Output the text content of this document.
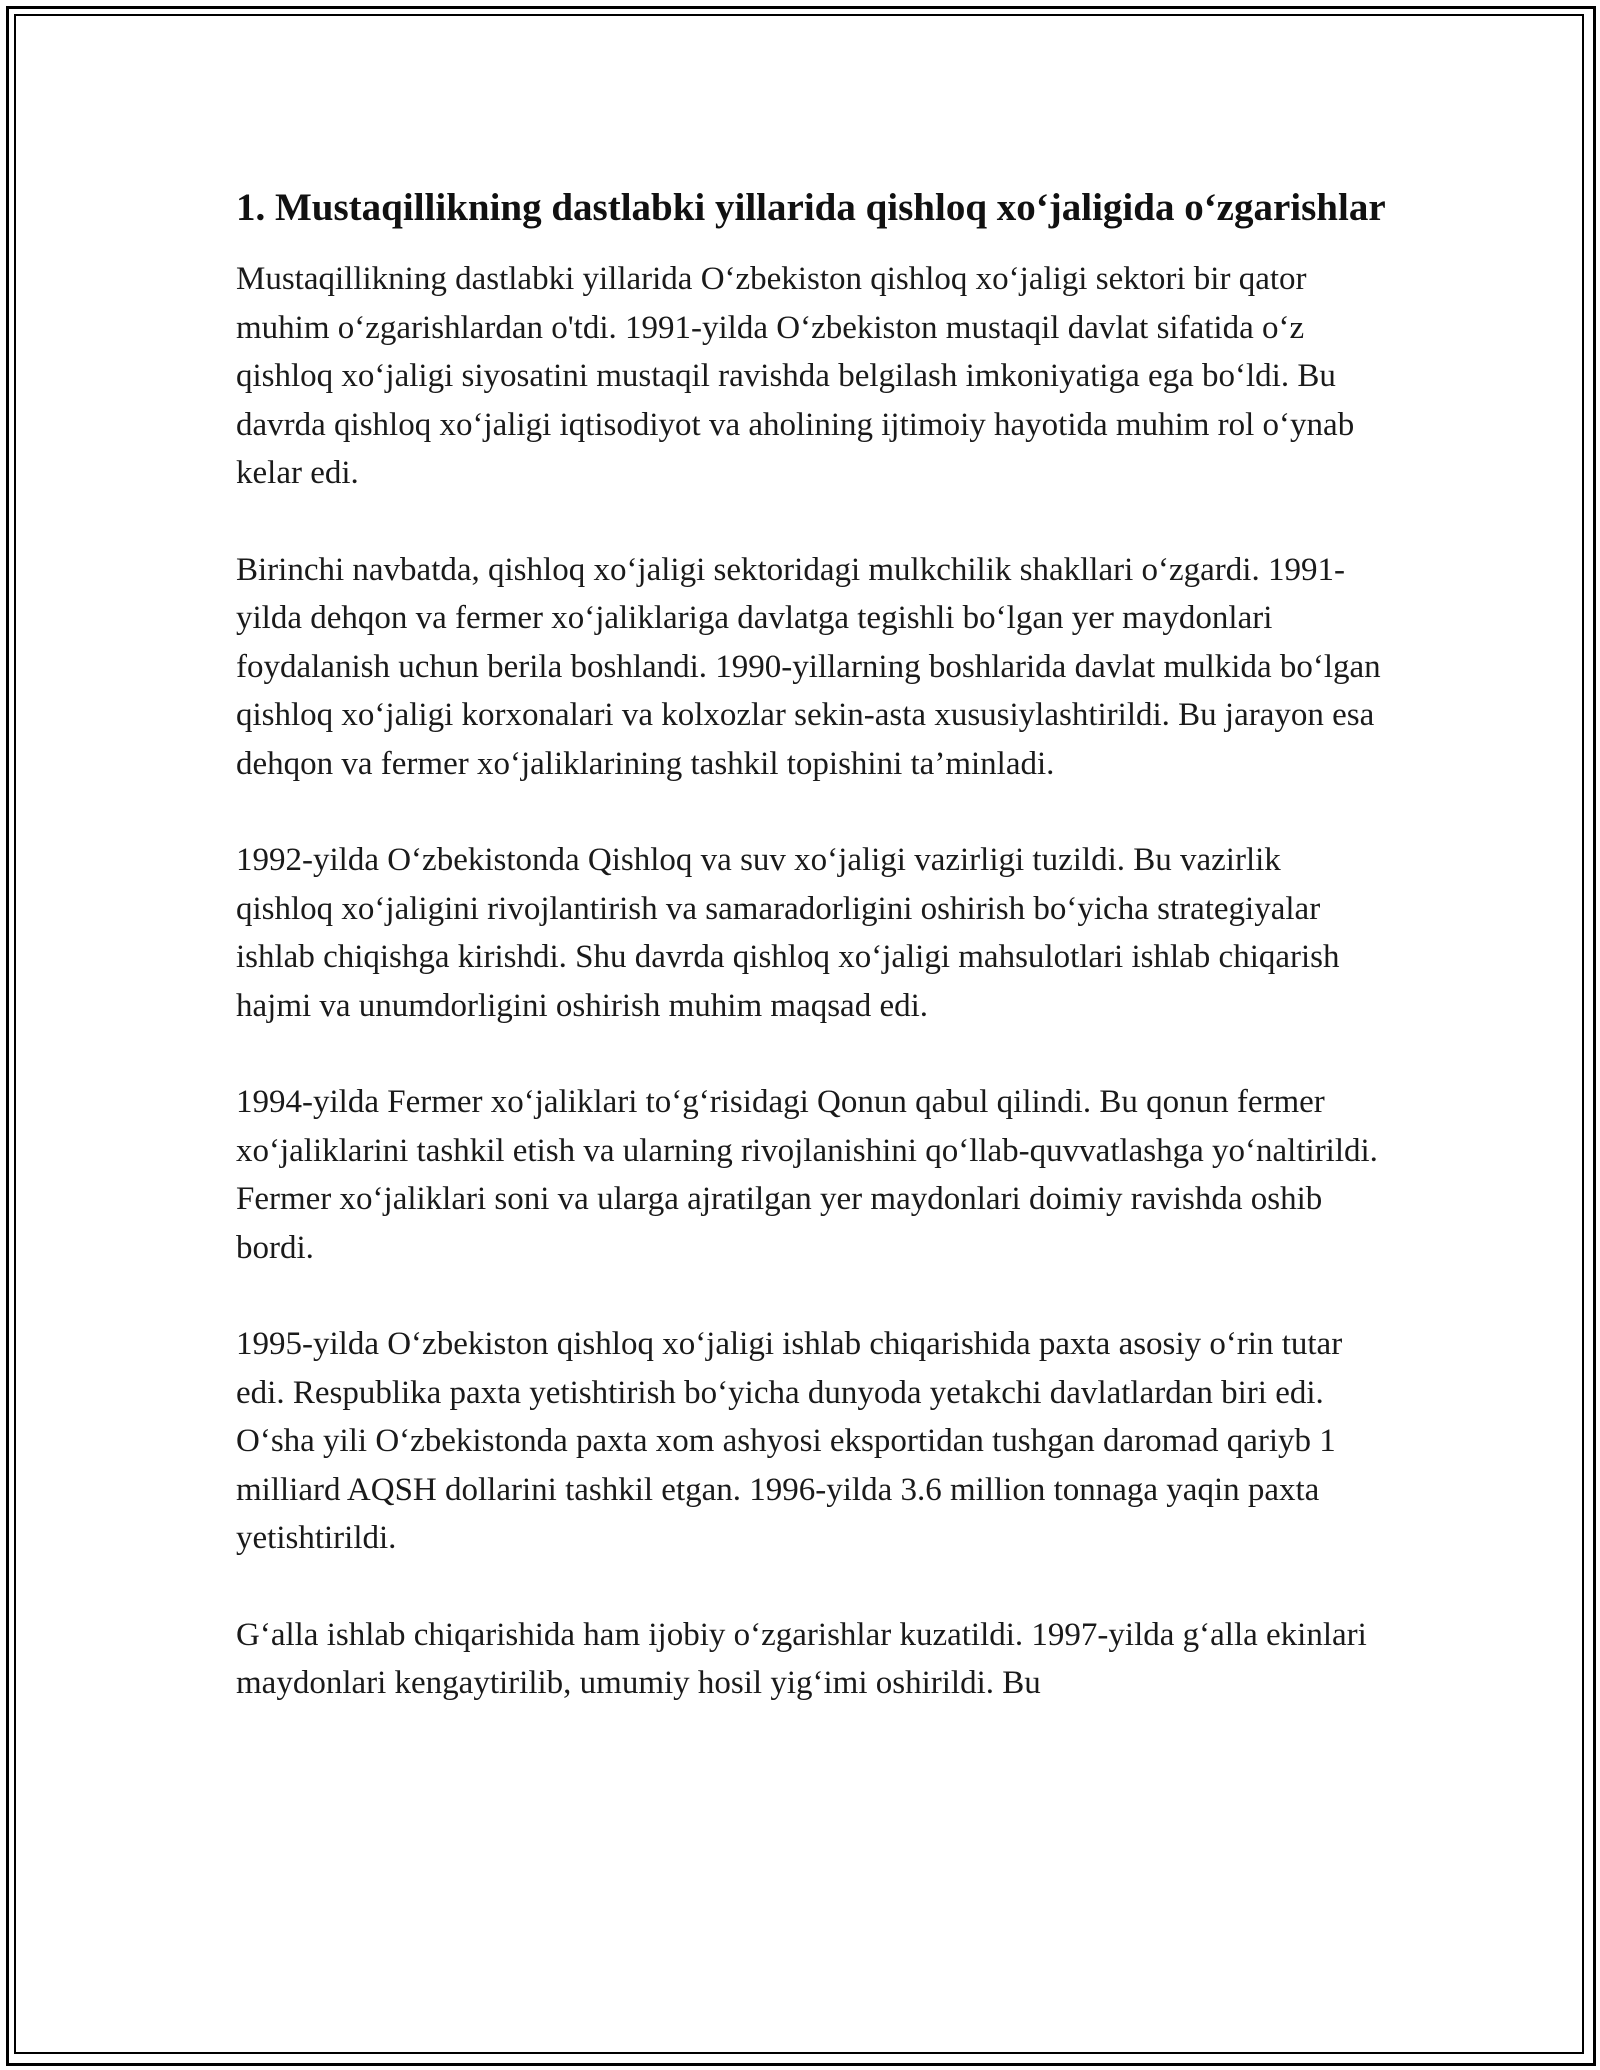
1. Mustaqillikning dastlabki yillarida qishloq xo‘jaligida o‘zgarishlar

Mustaqillikning dastlabki yillarida O‘zbekiston qishloq xo‘jaligi sektori bir qator muhim o‘zgarishlardan o'tdi. 1991-yilda O‘zbekiston mustaqil davlat sifatida o‘z qishloq xo‘jaligi siyosatini mustaqil ravishda belgilash imkoniyatiga ega bo‘ldi. Bu davrda qishloq xo‘jaligi iqtisodiyot va aholining ijtimoiy hayotida muhim rol o‘ynab kelar edi.

Birinchi navbatda, qishloq xo‘jaligi sektoridagi mulkchilik shakllari o‘zgardi. 1991-yilda dehqon va fermer xo‘jaliklariga davlatga tegishli bo‘lgan yer maydonlari foydalanish uchun berila boshlandi. 1990-yillarning boshlarida davlat mulkida bo‘lgan qishloq xo‘jaligi korxonalari va kolxozlar sekin-asta xususiylashtirildi. Bu jarayon esa dehqon va fermer xo‘jaliklarining tashkil topishini ta’minladi.

1992-yilda O‘zbekistonda Qishloq va suv xo‘jaligi vazirligi tuzildi. Bu vazirlik qishloq xo‘jaligini rivojlantirish va samaradorligini oshirish bo‘yicha strategiyalar ishlab chiqishga kirishdi. Shu davrda qishloq xo‘jaligi mahsulotlari ishlab chiqarish hajmi va unumdorligini oshirish muhim maqsad edi.

1994-yilda Fermer xo‘jaliklari to‘g‘risidagi Qonun qabul qilindi. Bu qonun fermer xo‘jaliklarini tashkil etish va ularning rivojlanishini qo‘llab-quvvatlashga yo‘naltirildi. Fermer xo‘jaliklari soni va ularga ajratilgan yer maydonlari doimiy ravishda oshib bordi.

1995-yilda O‘zbekiston qishloq xo‘jaligi ishlab chiqarishida paxta asosiy o‘rin tutar edi. Respublika paxta yetishtirish bo‘yicha dunyoda yetakchi davlatlardan biri edi. O‘sha yili O‘zbekistonda paxta xom ashyosi eksportidan tushgan daromad qariyb 1 milliard AQSH dollarini tashkil etgan. 1996-yilda 3.6 million tonnaga yaqin paxta yetishtirildi.

G‘alla ishlab chiqarishida ham ijobiy o‘zgarishlar kuzatildi. 1997-yilda g‘alla ekinlari maydonlari kengaytirilib, umumiy hosil yig‘imi oshirildi. Bu
